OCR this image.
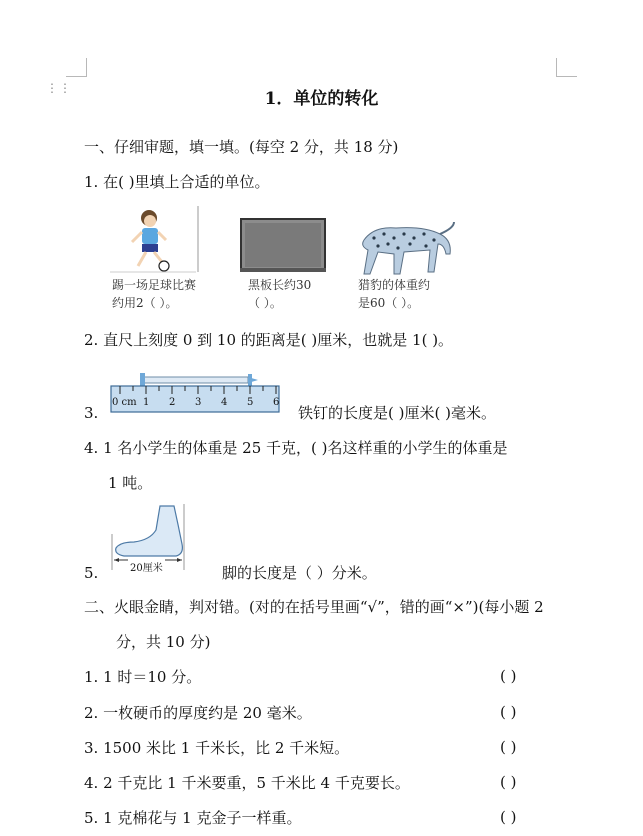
⋮⋮
1．单位的转化
一、仔细审题，填一填。(每空 2 分，共 18 分)
1. 在( )里填上合适的单位。
踢一场足球比赛
约用2（ ）。
黑板长约30
（ ）。
猎豹的体重约
是60（ ）。
2. 直尺上刻度 0 到 10 的距离是( )厘米，也就是 1( )。
3.
0 cm 1 2 3 4 5 6
铁钉的长度是( )厘米( )毫米。
4. 1 名小学生的体重是 25 千克，( )名这样重的小学生的体重是
1 吨。
5.	20厘米	脚的长度是（ ）分米。
二、火眼金睛，判对错。(对的在括号里画“√”，错的画“×”)(每小题 2
分，共 10 分)
1. 1 时＝10 分。	( )
2. 一枚硬币的厚度约是 20 毫米。	( )
3. 1500 米比 1 千米长，比 2 千米短。	( )
4. 2 千克比 1 千米要重，5 千米比 4 千克要长。	( )
5. 1 克棉花与 1 克金子一样重。	( )
